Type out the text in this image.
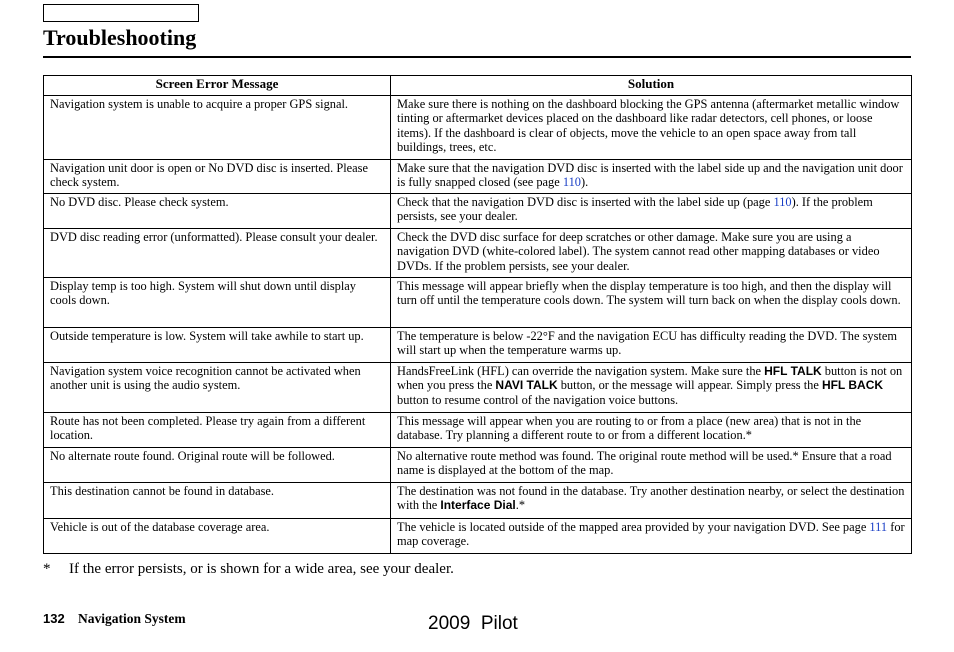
Troubleshooting
Screen Error Message	Solution
Navigation system is unable to acquire a proper GPS signal.	Make sure there is nothing on the dashboard blocking the GPS antenna (aftermarket metallic window tinting or aftermarket devices placed on the dashboard like radar detectors, cell phones, or loose items). If the dashboard is clear of objects, move the vehicle to an open space away from tall buildings, trees, etc.
Navigation unit door is open or No DVD disc is inserted. Please check system.	Make sure that the navigation DVD disc is inserted with the label side up and the navigation unit door is fully snapped closed (see page 110).
No DVD disc. Please check system.	Check that the navigation DVD disc is inserted with the label side up (page 110). If the problem persists, see your dealer.
DVD disc reading error (unformatted). Please consult your dealer.	Check the DVD disc surface for deep scratches or other damage. Make sure you are using a navigation DVD (white-colored label). The system cannot read other mapping databases or video DVDs. If the problem persists, see your dealer.
Display temp is too high. System will shut down until display cools down.	This message will appear briefly when the display temperature is too high, and then the display will turn off until the temperature cools down. The system will turn back on when the display cools down.
Outside temperature is low. System will take awhile to start up.	The temperature is below -22°F and the navigation ECU has difficulty reading the DVD. The system will start up when the temperature warms up.
Navigation system voice recognition cannot be activated when another unit is using the audio system.	HandsFreeLink (HFL) can override the navigation system. Make sure the HFL TALK button is not on when you press the NAVI TALK button, or the message will appear. Simply press the HFL BACK button to resume control of the navigation voice buttons.
Route has not been completed. Please try again from a different location.	This message will appear when you are routing to or from a place (new area) that is not in the database. Try planning a different route to or from a different location.*
No alternate route found. Original route will be followed.	No alternative route method was found. The original route method will be used.* Ensure that a road name is displayed at the bottom of the map.
This destination cannot be found in database.	The destination was not found in the database. Try another destination nearby, or select the destination with the Interface Dial.*
Vehicle is out of the database coverage area.	The vehicle is located outside of the mapped area provided by your navigation DVD. See page 111 for map coverage.
* If the error persists, or is shown for a wide area, see your dealer.
132 Navigation System	2009  Pilot
